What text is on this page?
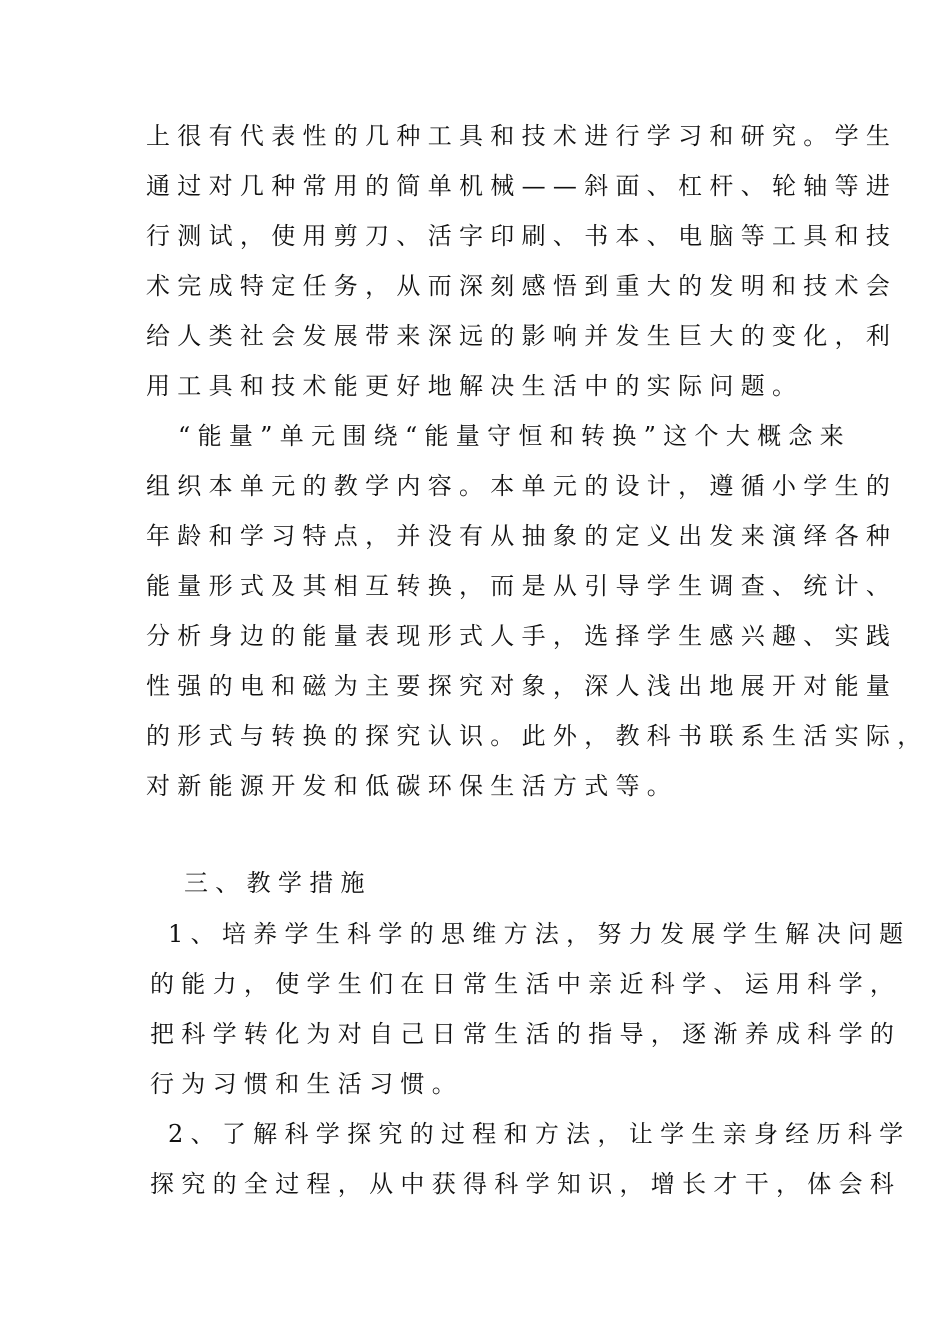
上很有代表性的几种工具和技术进行学习和研究。学生
通过对几种常用的简单机械——斜面、杠杆、轮轴等进
行测试，使用剪刀、活字印刷、书本、电脑等工具和技
术完成特定任务，从而深刻感悟到重大的发明和技术会
给人类社会发展带来深远的影响并发生巨大的变化，利
用工具和技术能更好地解决生活中的实际问题。
“能量”单元围绕“能量守恒和转换”这个大概念来
组织本单元的教学内容。本单元的设计，遵循小学生的
年龄和学习特点，并没有从抽象的定义出发来演绎各种
能量形式及其相互转换，而是从引导学生调查、统计、
分析身边的能量表现形式人手，选择学生感兴趣、实践
性强的电和磁为主要探究对象，深人浅出地展开对能量
的形式与转换的探究认识。此外，教科书联系生活实际，
对新能源开发和低碳环保生活方式等。
三、教学措施
1、培养学生科学的思维方法，努力发展学生解决问题
的能力，使学生们在日常生活中亲近科学、运用科学，
把科学转化为对自己日常生活的指导，逐渐养成科学的
行为习惯和生活习惯。
2、了解科学探究的过程和方法，让学生亲身经历科学
探究的全过程，从中获得科学知识，增长才干，体会科
